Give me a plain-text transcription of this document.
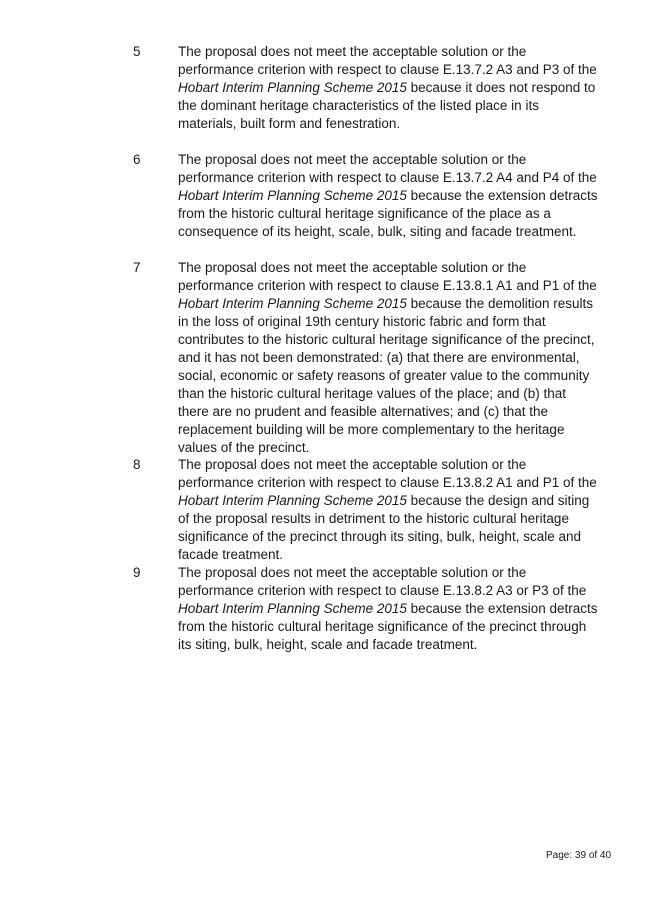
5	The proposal does not meet the acceptable solution or the performance criterion with respect to clause E.13.7.2 A3 and P3 of the Hobart Interim Planning Scheme 2015 because it does not respond to the dominant heritage characteristics of the listed place in its materials, built form and fenestration.
6	The proposal does not meet the acceptable solution or the performance criterion with respect to clause E.13.7.2 A4 and P4 of the Hobart Interim Planning Scheme 2015 because the extension detracts from the historic cultural heritage significance of the place as a consequence of its height, scale, bulk, siting and facade treatment.
7	The proposal does not meet the acceptable solution or the performance criterion with respect to clause E.13.8.1 A1 and P1 of the Hobart Interim Planning Scheme 2015 because the demolition results in the loss of original 19th century historic fabric and form that contributes to the historic cultural heritage significance of the precinct, and it has not been demonstrated: (a) that there are environmental, social, economic or safety reasons of greater value to the community than the historic cultural heritage values of the place; and (b) that there are no prudent and feasible alternatives; and (c) that the replacement building will be more complementary to the heritage values of the precinct.
8	The proposal does not meet the acceptable solution or the performance criterion with respect to clause E.13.8.2 A1 and P1 of the Hobart Interim Planning Scheme 2015 because the design and siting of the proposal results in detriment to the historic cultural heritage significance of the precinct through its siting, bulk, height, scale and facade treatment.
9	The proposal does not meet the acceptable solution or the performance criterion with respect to clause E.13.8.2 A3 or P3 of the Hobart Interim Planning Scheme 2015 because the extension detracts from the historic cultural heritage significance of the precinct through its siting, bulk, height, scale and facade treatment.
Page: 39 of 40
